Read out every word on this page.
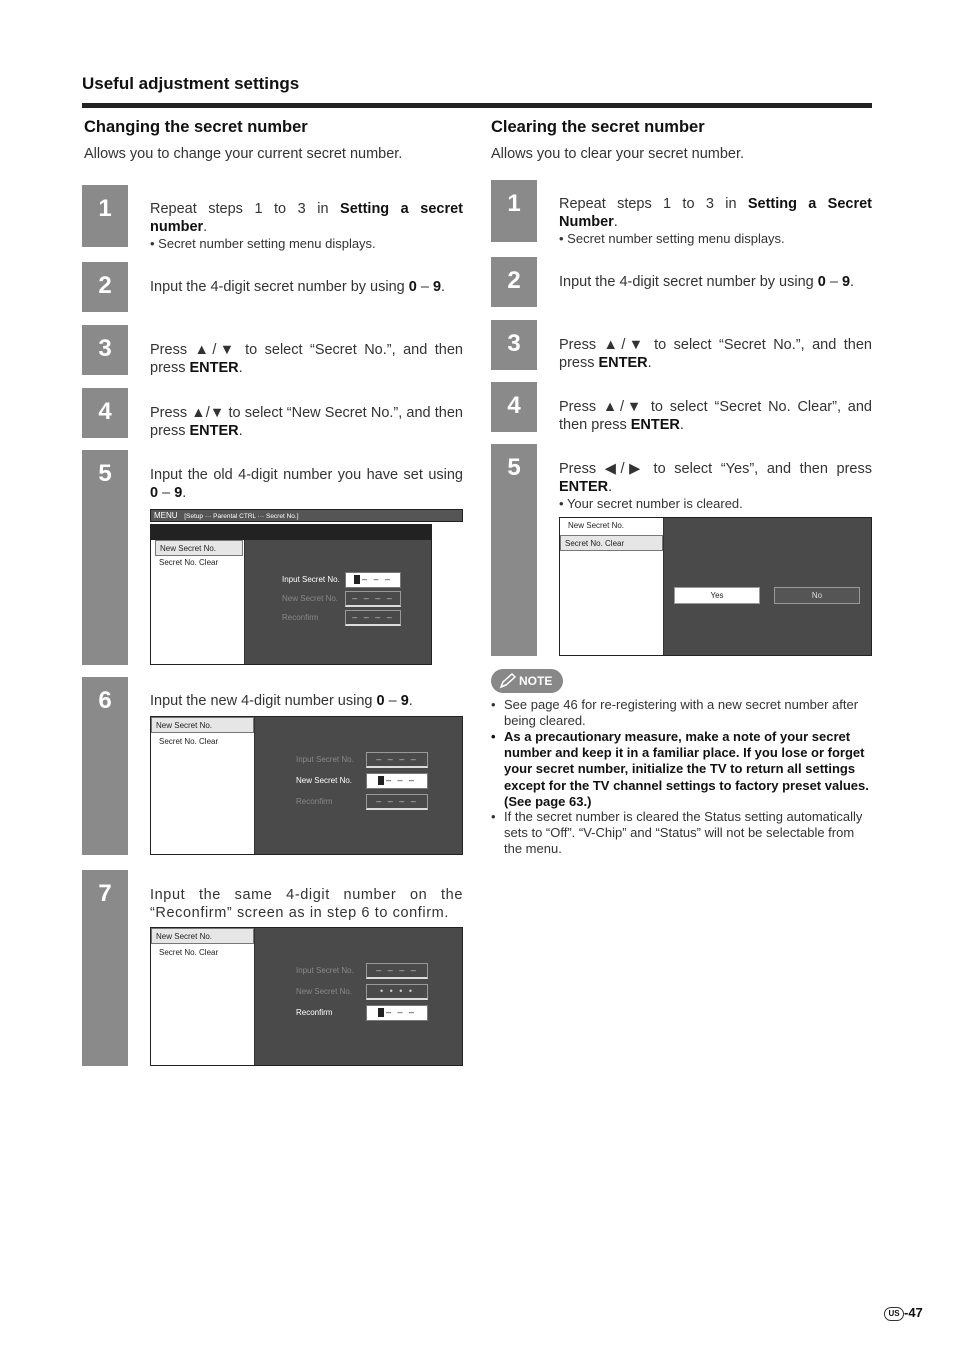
Useful adjustment settings
Changing the secret number
Allows you to change your current secret number.
1	Repeat steps 1 to 3 in Setting a secret number.
• Secret number setting menu displays.
2	Input the 4-digit secret number by using 0 – 9.
3	Press ▲/▼ to select “Secret No.”, and then press ENTER.
4	Press ▲/▼ to select “New Secret No.”, and then press ENTER.
5	Input the old 4-digit number you have set using 0 – 9.
MENU [Setup ··· Parental CTRL ··· Secret No.]
New Secret No.
Secret No. Clear
Input Secret No.	– – –
New Secret No.	– – – –
Reconfirm	– – – –
6	Input the new 4-digit number using 0 – 9.
New Secret No.
Secret No. Clear
Input Secret No.	– – – –
New Secret No.	– – –
Reconfirm	– – – –
7	Input the same 4-digit number on the “Reconfirm” screen as in step 6 to confirm.
New Secret No.
Secret No. Clear
Input Secret No.	– – – –
New Secret No.	• • • •
Reconfirm	– – –
Clearing the secret number
Allows you to clear your secret number.
1	Repeat steps 1 to 3 in Setting a Secret Number.
• Secret number setting menu displays.
2	Input the 4-digit secret number by using 0 – 9.
3	Press ▲/▼ to select “Secret No.”, and then press ENTER.
4	Press ▲/▼ to select “Secret No. Clear”, and then press ENTER.
5	Press ◀/▶ to select “Yes”, and then press ENTER.
• Your secret number is cleared.
New Secret No.
Secret No. Clear
Yes	No
NOTE
• See page 46 for re-registering with a new secret number after being cleared.
• As a precautionary measure, make a note of your secret number and keep it in a familiar place. If you lose or forget your secret number, initialize the TV to return all settings except for the TV channel settings to factory preset values. (See page 63.)
• If the secret number is cleared the Status setting automatically sets to “Off”. “V-Chip” and “Status” will not be selectable from the menu.
US -47
